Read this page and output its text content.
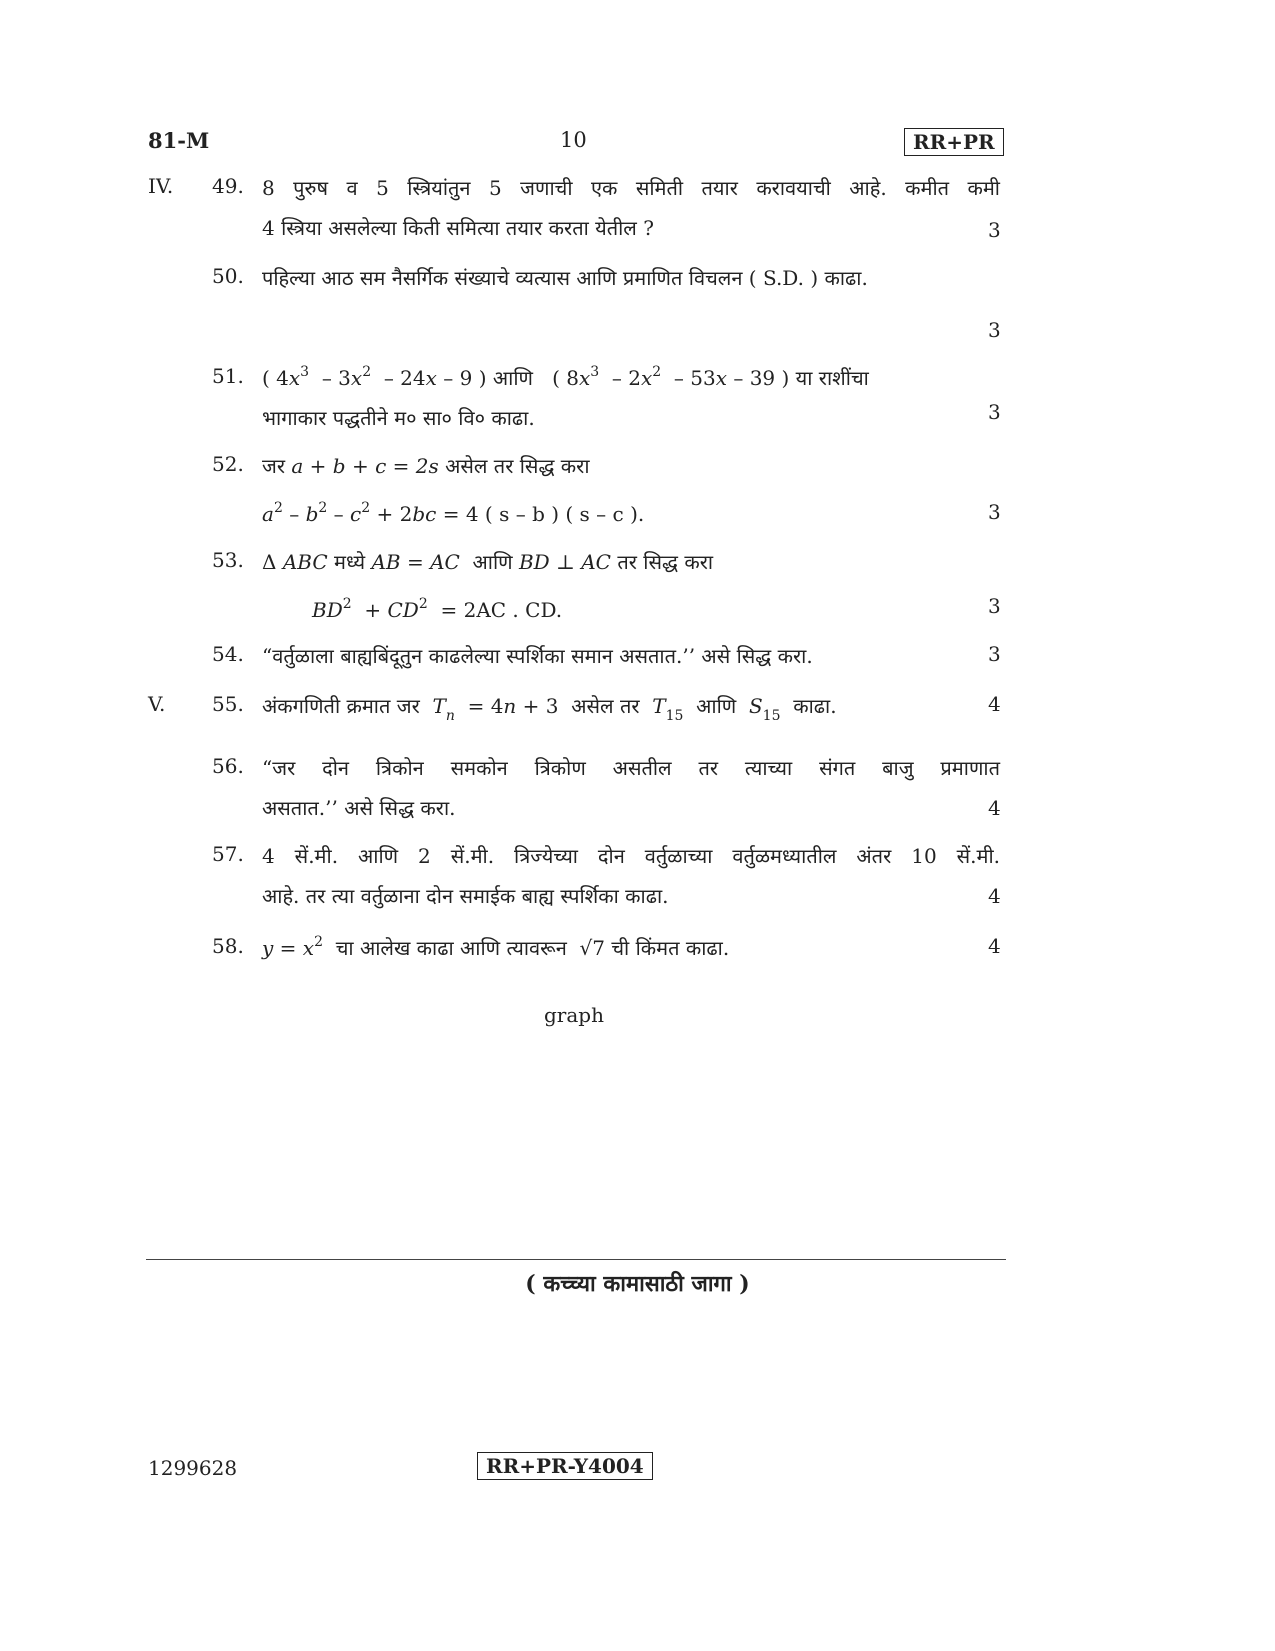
81-M	10	RR+PR
IV. 49. 8 पुरुष व 5 स्त्रियांतुन 5 जणाची एक समिती तयार करावयाची आहे. कमीत कमी
4 स्त्रिया असलेल्या किती समित्या तयार करता येतील ?	3
50. पहिल्या आठ सम नैसर्गिक संख्याचे व्यत्यास आणि प्रमाणित विचलन ( S.D. ) काढा.
3
51. ( $4x^3 - 3x^2 - 24x - 9$ ) आणि ( $8x^3 - 2x^2 - 53x - 39$ ) या राशींचा
भागाकार पद्धतीने म० सा० वि० काढा.	3
52. जर a + b + c = 2s असेल तर सिद्ध करा
$a^2 - b^2 - c^2 + 2bc = 4$ ( s – b ) ( s – c ).	3
53. Δ ABC मध्ये AB = AC आणि BD ⊥ AC तर सिद्ध करा
$BD^2 + CD^2 = 2AC$ . CD.	3
54. “वर्तुळाला बाह्यबिंदूतुन काढलेल्या स्पर्शिका समान असतात.’’ असे सिद्ध करा.	3
V. 55. अंकगणिती क्रमात जर $T_n = 4n + 3$ असेल तर $T_{15}$ आणि $S_{15}$ काढा.	4
56. “जर दोन त्रिकोन समकोन त्रिकोण असतील तर त्याच्या संगत बाजु प्रमाणात
असतात.’’ असे सिद्ध करा.	4
57. 4 सें.मी. आणि 2 सें.मी. त्रिज्येच्या दोन वर्तुळाच्या वर्तुळमध्यातील अंतर 10 सें.मी.
आहे. तर त्या वर्तुळाना दोन समाईक बाह्य स्पर्शिका काढा.	4
58. $y = x^2$ चा आलेख काढा आणि त्यावरून √7 ची किंमत काढा.	4
graph
( कच्च्या कामासाठी जागा )
1299628	RR+PR-Y4004
